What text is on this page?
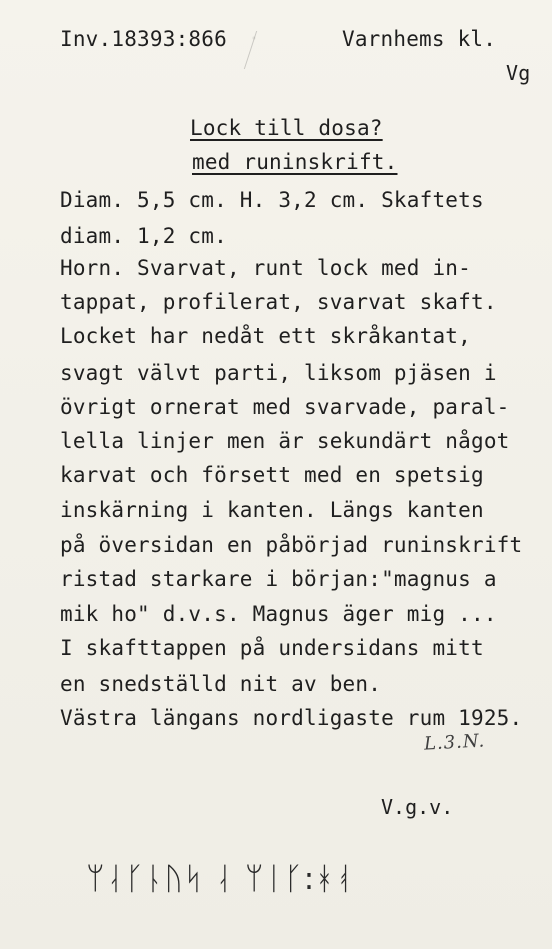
Inv.18393:866	Varnhems kl.
Vg
Lock till dosa?
med runinskrift.
Diam. 5,5 cm. H. 3,2 cm. Skaftets
diam. 1,2 cm.
Horn. Svarvat, runt lock med in-
tappat, profilerat, svarvat skaft.
Locket har nedåt ett skråkantat,
svagt välvt parti, liksom pjäsen i
övrigt ornerat med svarvade, paral-
lella linjer men är sekundärt något
karvat och försett med en spetsig
inskärning i kanten. Längs kanten
på översidan en påbörjad runinskrift
ristad starkare i början:"magnus a
mik ho" d.v.s. Magnus äger mig ...
I skafttappen på undersidans mitt
en snedställd nit av ben.
Västra längans nordligaste rum 1925.
L.3.N.
V.g.v.
ᛘᛆᚴᚿᚢᛋ ᛆ ᛘᛁᚴ:ᚼᚮ
